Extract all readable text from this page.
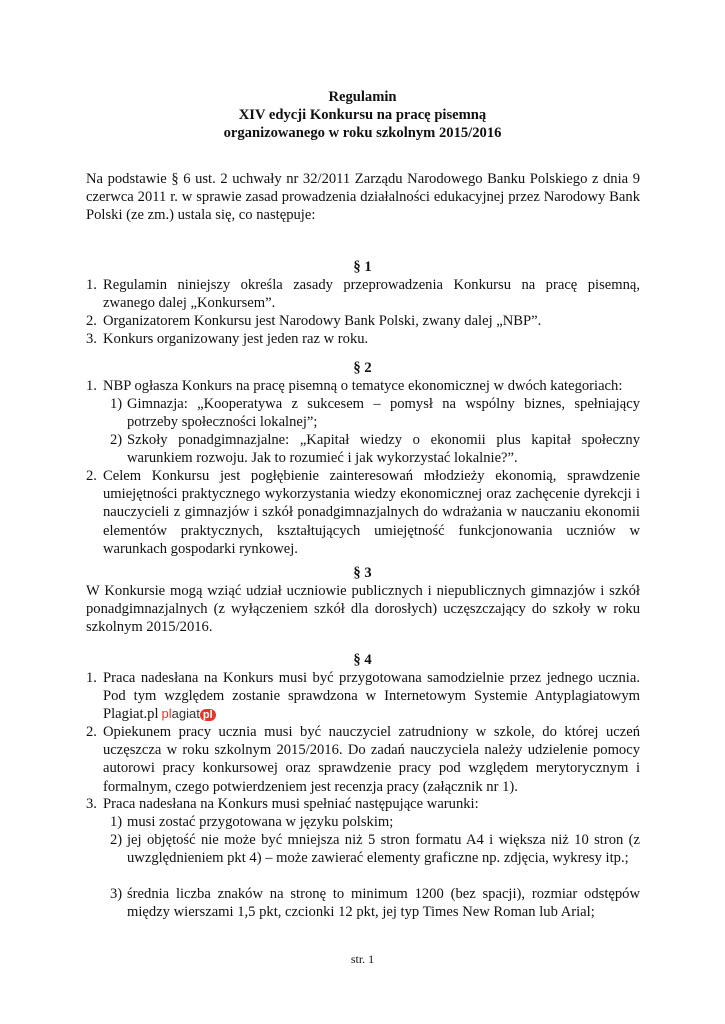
Regulamin
XIV edycji Konkursu na pracę pisemną
organizowanego w roku szkolnym 2015/2016
Na podstawie § 6 ust. 2 uchwały nr 32/2011 Zarządu Narodowego Banku Polskiego z dnia 9 czerwca 2011 r. w sprawie zasad prowadzenia działalności edukacyjnej przez Narodowy Bank Polski (ze zm.) ustala się, co następuje:
§ 1
1. Regulamin niniejszy określa zasady przeprowadzenia Konkursu na pracę pisemną, zwanego dalej „Konkursem”.
2. Organizatorem Konkursu jest Narodowy Bank Polski, zwany dalej „NBP”.
3. Konkurs organizowany jest jeden raz w roku.
§ 2
1. NBP ogłasza Konkurs na pracę pisemną o tematyce ekonomicznej w dwóch kategoriach:
1) Gimnazja: „Kooperatywa z sukcesem – pomysł na wspólny biznes, spełniający potrzeby społeczności lokalnej”;
2) Szkoły ponadgimnazjalne: „Kapitał wiedzy o ekonomii plus kapitał społeczny warunkiem rozwoju. Jak to rozumieć i jak wykorzystać lokalnie?”.
2. Celem Konkursu jest pogłębienie zainteresowań młodzieży ekonomią, sprawdzenie umiejętności praktycznego wykorzystania wiedzy ekonomicznej oraz zachęcenie dyrekcji i nauczycieli z gimnazjów i szkół ponadgimnazjalnych do wdrażania w nauczaniu ekonomii elementów praktycznych, kształtujących umiejętność funkcjonowania uczniów w warunkach gospodarki rynkowej.
§ 3
W Konkursie mogą wziąć udział uczniowie publicznych i niepublicznych gimnazjów i szkół ponadgimnazjalnych (z wyłączeniem szkół dla dorosłych) uczęszczający do szkoły w roku szkolnym 2015/2016.
§ 4
1. Praca nadesłana na Konkurs musi być przygotowana samodzielnie przez jednego ucznia. Pod tym względem zostanie sprawdzona w Internetowym Systemie Antyplagiatowym Plagiat.pl plagiat pl
2. Opiekunem pracy ucznia musi być nauczyciel zatrudniony w szkole, do której uczeń uczęszcza w roku szkolnym 2015/2016. Do zadań nauczyciela należy udzielenie pomocy autorowi pracy konkursowej oraz sprawdzenie pracy pod względem merytorycznym i formalnym, czego potwierdzeniem jest recenzja pracy (załącznik nr 1).
3. Praca nadesłana na Konkurs musi spełniać następujące warunki:
1) musi zostać przygotowana w języku polskim;
2) jej objętość nie może być mniejsza niż 5 stron formatu A4 i większa niż 10 stron (z uwzględnieniem pkt 4) – może zawierać elementy graficzne np. zdjęcia, wykresy itp.;
3) średnia liczba znaków na stronę to minimum 1200 (bez spacji), rozmiar odstępów między wierszami 1,5 pkt, czcionki 12 pkt, jej typ Times New Roman lub Arial;
str. 1
